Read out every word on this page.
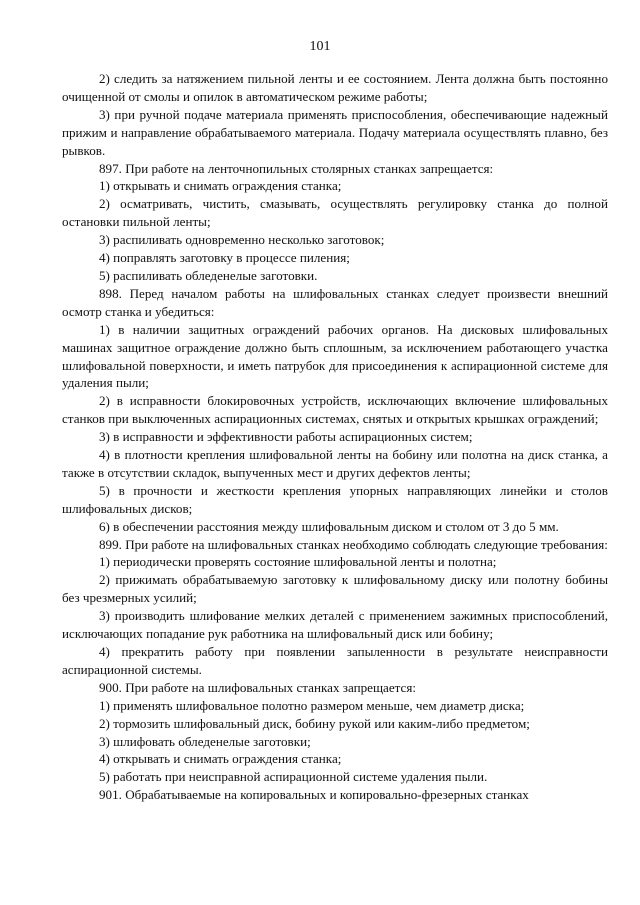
101

2) следить за натяжением пильной ленты и ее состоянием. Лента должна быть постоянно очищенной от смолы и опилок в автоматическом режиме работы;

3) при ручной подаче материала применять приспособления, обеспечивающие надежный прижим и направление обрабатываемого материала. Подачу материала осуществлять плавно, без рывков.

897. При работе на ленточнопильных столярных станках запрещается:

1) открывать и снимать ограждения станка;

2) осматривать, чистить, смазывать, осуществлять регулировку станка до полной остановки пильной ленты;

3) распиливать одновременно несколько заготовок;

4) поправлять заготовку в процессе пиления;

5) распиливать обледенелые заготовки.

898. Перед началом работы на шлифовальных станках следует произвести внешний осмотр станка и убедиться:

1) в наличии защитных ограждений рабочих органов. На дисковых шлифовальных машинах защитное ограждение должно быть сплошным, за исключением работающего участка шлифовальной поверхности, и иметь патрубок для присоединения к аспирационной системе для удаления пыли;

2) в исправности блокировочных устройств, исключающих включение шлифовальных станков при выключенных аспирационных системах, снятых и открытых крышках ограждений;

3) в исправности и эффективности работы аспирационных систем;

4) в плотности крепления шлифовальной ленты на бобину или полотна на диск станка, а также в отсутствии складок, выпученных мест и других дефектов ленты;

5) в прочности и жесткости крепления упорных направляющих линейки и столов шлифовальных дисков;

6) в обеспечении расстояния между шлифовальным диском и столом от 3 до 5 мм.

899. При работе на шлифовальных станках необходимо соблюдать следующие требования:

1) периодически проверять состояние шлифовальной ленты и полотна;

2) прижимать обрабатываемую заготовку к шлифовальному диску или полотну бобины без чрезмерных усилий;

3) производить шлифование мелких деталей с применением зажимных приспособлений, исключающих попадание рук работника на шлифовальный диск или бобину;

4) прекратить работу при появлении запыленности в результате неисправности аспирационной системы.

900. При работе на шлифовальных станках запрещается:

1) применять шлифовальное полотно размером меньше, чем диаметр диска;

2) тормозить шлифовальный диск, бобину рукой или каким-либо предметом;

3) шлифовать обледенелые заготовки;

4) открывать и снимать ограждения станка;

5) работать при неисправной аспирационной системе удаления пыли.

901. Обрабатываемые на копировальных и копировально-фрезерных станках
